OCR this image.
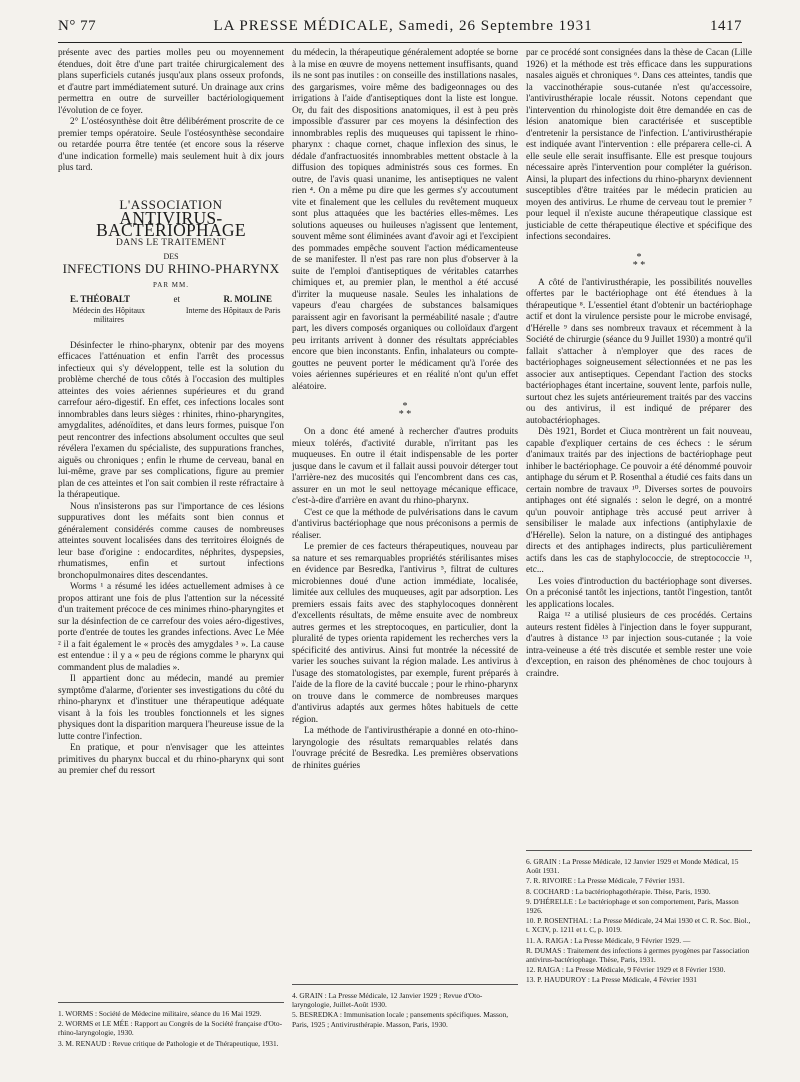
N° 77	LA PRESSE MÉDICALE, Samedi, 26 Septembre 1931	1417

présente avec des parties molles peu ou moyennement étendues, doit être d'une part traitée chirurgicalement des plans superficiels cutanés jusqu'aux plans osseux profonds, et d'autre part immédiatement suturé. Un drainage aux crins permettra en outre de surveiller bactériologiquement l'évolution de ce foyer.

2° L'ostéosynthèse doit être délibérément proscrite de ce premier temps opératoire. Seule l'ostéosynthèse secondaire ou retardée pourra être tentée (et encore sous la réserve d'une indication formelle) mais seulement huit à dix jours plus tard.

L'ASSOCIATION
ANTIVIRUS-BACTÉRIOPHAGE
DANS LE TRAITEMENT
DES
INFECTIONS DU RHINO-PHARYNX
PAR MM.
E. THÉOBALT	et	R. MOLINE
Médecin des Hôpitaux militaires
Interne des Hôpitaux de Paris

Désinfecter le rhino-pharynx, obtenir par des moyens efficaces l'atténuation et enfin l'arrêt des processus infectieux qui s'y développent, telle est la solution du problème cherché de tous côtés à l'occasion des multiples atteintes des voies aériennes supérieures et du grand carrefour aéro-digestif. En effet, ces infections locales sont innombrables dans leurs sièges : rhinites, rhino-pharyngites, amygdalites, adénoïdites, et dans leurs formes, puisque l'on peut rencontrer des infections absolument occultes que seul révélera l'examen du spécialiste, des suppurations franches, aiguës ou chroniques ; enfin le rhume de cerveau, banal en lui-même, grave par ses complications, figure au premier plan de ces atteintes et l'on sait combien il reste réfractaire à la thérapeutique.

Nous n'insisterons pas sur l'importance de ces lésions suppuratives dont les méfaits sont bien connus et généralement considérés comme causes de nombreuses atteintes souvent localisées dans des territoires éloignés de leur base d'origine : endocardites, néphrites, dyspepsies, rhumatismes, enfin et surtout infections bronchopulmonaires dites descendantes.

Worms ¹ a résumé les idées actuellement admises à ce propos attirant une fois de plus l'attention sur la nécessité d'un traitement précoce de ces minimes rhino-pharyngites et sur la désinfection de ce carrefour des voies aéro-digestives, porte d'entrée de toutes les grandes infections. Avec Le Mée ² il a fait également le « procès des amygdales ³ ». La cause est entendue : il y a « peu de régions comme le pharynx qui commandent plus de maladies ».

Il appartient donc au médecin, mandé au premier symptôme d'alarme, d'orienter ses investigations du côté du rhino-pharynx et d'instituer une thérapeutique adéquate visant à la fois les troubles fonctionnels et les signes physiques dont la disparition marquera l'heureuse issue de la lutte contre l'infection.

En pratique, et pour n'envisager que les atteintes primitives du pharynx buccal et du rhino-pharynx qui sont au premier chef du ressort

1. WORMS : Société de Médecine militaire, séance du 16 Mai 1929.
2. WORMS et LE MÉE : Rapport au Congrès de la Société française d'Oto-rhino-laryngologie, 1930.
3. M. RENAUD : Revue critique de Pathologie et de Thérapeutique, 1931.

du médecin, la thérapeutique généralement adoptée se borne à la mise en œuvre de moyens nettement insuffisants, quand ils ne sont pas inutiles : on conseille des instillations nasales, des gargarismes, voire même des badigeonnages ou des irrigations à l'aide d'antiseptiques dont la liste est longue. Or, du fait des dispositions anatomiques, il est à peu près impossible d'assurer par ces moyens la désinfection des innombrables replis des muqueuses qui tapissent le rhino-pharynx : chaque cornet, chaque inflexion des sinus, le dédale d'anfractuosités innombrables mettent obstacle à la diffusion des topiques administrés sous ces formes. En outre, de l'avis quasi unanime, les antiseptiques ne valent rien ⁴. On a même pu dire que les germes s'y accoutument vite et finalement que les cellules du revêtement muqueux sont plus attaquées que les bactéries elles-mêmes. Les solutions aqueuses ou huileuses n'agissent que lentement, souvent même sont éliminées avant d'avoir agi et l'excipient des pommades empêche souvent l'action médicamenteuse de se manifester. Il n'est pas rare non plus d'observer à la suite de l'emploi d'antiseptiques de véritables catarrhes chimiques et, au premier plan, le menthol a été accusé d'irriter la muqueuse nasale. Seules les inhalations de vapeurs d'eau chargées de substances balsamiques paraissent agir en favorisant la perméabilité nasale ; d'autre part, les divers composés organiques ou colloïdaux d'argent peu irritants arrivent à donner des résultats appréciables encore que bien inconstants. Enfin, inhalateurs ou compte-gouttes ne peuvent porter le médicament qu'à l'orée des voies aériennes supérieures et en réalité n'ont qu'un effet aléatoire.

*
* *

On a donc été amené à rechercher d'autres produits mieux tolérés, d'activité durable, n'irritant pas les muqueuses. En outre il était indispensable de les porter jusque dans le cavum et il fallait aussi pouvoir déterger tout l'arrière-nez des mucosités qui l'encombrent dans ces cas, assurer en un mot le seul nettoyage mécanique efficace, c'est-à-dire d'arrière en avant du rhino-pharynx.

C'est ce que la méthode de pulvérisations dans le cavum d'antivirus bactériophage que nous préconisons a permis de réaliser.

Le premier de ces facteurs thérapeutiques, nouveau par sa nature et ses remarquables propriétés stérilisantes mises en évidence par Besredka, l'antivirus ⁵, filtrat de cultures microbiennes doué d'une action immédiate, localisée, limitée aux cellules des muqueuses, agit par adsorption. Les premiers essais faits avec des staphylocoques donnèrent d'excellents résultats, de même ensuite avec de nombreux autres germes et les streptocoques, en particulier, dont la pluralité de types orienta rapidement les recherches vers la spécificité des antivirus. Ainsi fut montrée la nécessité de varier les souches suivant la région malade. Les antivirus à l'usage des stomatologistes, par exemple, furent préparés à l'aide de la flore de la cavité buccale ; pour le rhino-pharynx on trouve dans le commerce de nombreuses marques d'antivirus adaptés aux germes hôtes habituels de cette région.

La méthode de l'antivirusthérapie a donné en oto-rhino-laryngologie des résultats remarquables relatés dans l'ouvrage précité de Besredka. Les premières observations de rhinites guéries

4. GRAIN : La Presse Médicale, 12 Janvier 1929 ; Revue d'Oto-laryngologie, Juillet-Août 1930.
5. BESREDKA : Immunisation locale ; pansements spécifiques. Masson, Paris, 1925 ; Antivirusthérapie. Masson, Paris, 1930.

par ce procédé sont consignées dans la thèse de Cacan (Lille 1926) et la méthode est très efficace dans les suppurations nasales aiguës et chroniques ⁶. Dans ces atteintes, tandis que la vaccinothérapie sous-cutanée n'est qu'accessoire, l'antivirusthérapie locale réussit. Notons cependant que l'intervention du rhinologiste doit être demandée en cas de lésion anatomique bien caractérisée et susceptible d'entretenir la persistance de l'infection. L'antivirusthérapie est indiquée avant l'intervention : elle préparera celle-ci. A elle seule elle serait insuffisante. Elle est presque toujours nécessaire après l'intervention pour compléter la guérison. Ainsi, la plupart des infections du rhino-pharynx deviennent susceptibles d'être traitées par le médecin praticien au moyen des antivirus. Le rhume de cerveau tout le premier ⁷ pour lequel il n'existe aucune thérapeutique classique est justiciable de cette thérapeutique élective et spécifique des infections secondaires.

*
* *

A côté de l'antivirusthérapie, les possibilités nouvelles offertes par le bactériophage ont été étendues à la thérapeutique ⁸. L'essentiel étant d'obtenir un bactériophage actif et dont la virulence persiste pour le microbe envisagé, d'Hérelle ⁹ dans ses nombreux travaux et récemment à la Société de chirurgie (séance du 9 Juillet 1930) a montré qu'il fallait s'attacher à n'employer que des races de bactériophages soigneusement sélectionnées et ne pas les associer aux antiseptiques. Cependant l'action des stocks bactériophages étant incertaine, souvent lente, parfois nulle, surtout chez les sujets antérieurement traités par des vaccins ou des antivirus, il est indiqué de préparer des autobactériophages.

Dès 1921, Bordet et Ciuca montrèrent un fait nouveau, capable d'expliquer certains de ces échecs : le sérum d'animaux traités par des injections de bactériophage peut inhiber le bactériophage. Ce pouvoir a été dénommé pouvoir antiphage du sérum et P. Rosenthal a étudié ces faits dans un certain nombre de travaux ¹⁰. Diverses sortes de pouvoirs antiphages ont été signalés : selon le degré, on a montré qu'un pouvoir antiphage très accusé peut arriver à sensibiliser le malade aux infections (antiphylaxie de d'Hérelle). Selon la nature, on a distingué des antiphages directs et des antiphages indirects, plus particulièrement actifs dans les cas de staphylococcie, de streptococcie ¹¹, etc...

Les voies d'introduction du bactériophage sont diverses. On a préconisé tantôt les injections, tantôt l'ingestion, tantôt les applications locales.

Raiga ¹² a utilisé plusieurs de ces procédés. Certains auteurs restent fidèles à l'injection dans le foyer suppurant, d'autres à distance ¹³ par injection sous-cutanée ; la voie intra-veineuse a été très discutée et semble rester une voie d'exception, en raison des phénomènes de choc toujours à craindre.

6. GRAIN : La Presse Médicale, 12 Janvier 1929 et Monde Médical, 15 Août 1931.
7. R. RIVOIRE : La Presse Médicale, 7 Février 1931.
8. COCHARD : La bactériophagothérapie. Thèse, Paris, 1930.
9. D'HÉRELLE : Le bactériophage et son comportement, Paris, Masson 1926.
10. P. ROSENTHAL : La Presse Médicale, 24 Mai 1930 et C. R. Soc. Biol., t. XCIV, p. 1211 et t. C, p. 1019.
11. A. RAIGA : La Presse Médicale, 9 Février 1929. —
R. DUMAS : Traitement des infections à germes pyogènes par l'association antivirus-bactériophage. Thèse, Paris, 1931.
12. RAIGA : La Presse Médicale, 9 Février 1929 et 8 Février 1930.
13. P. HAUDUROY : La Presse Médicale, 4 Février 1931
